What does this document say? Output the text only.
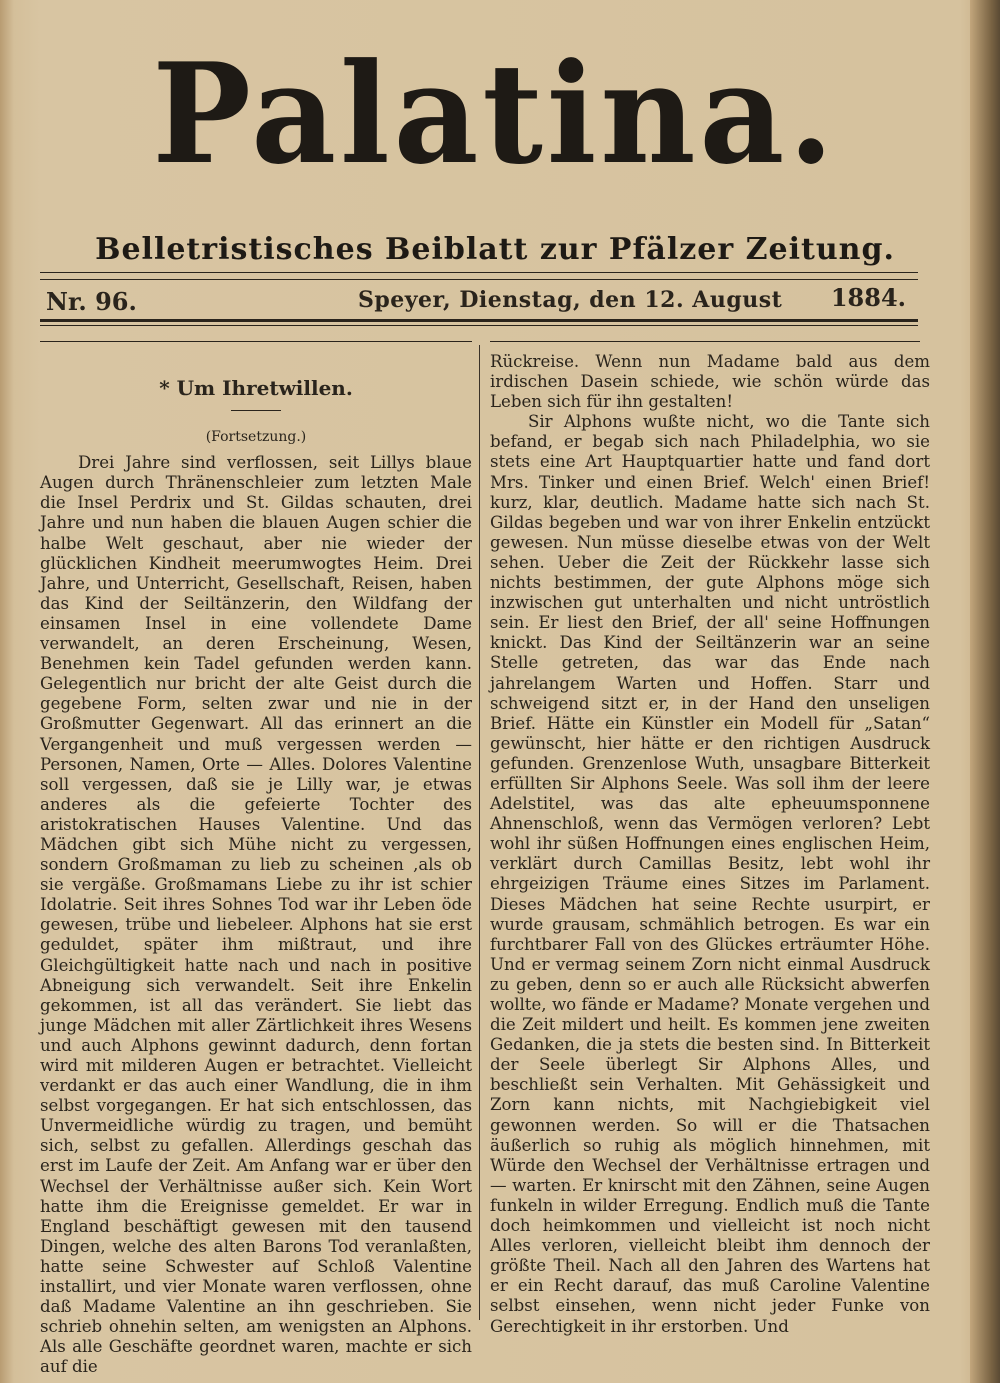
Palatina.
Belletristisches Beiblatt zur Pfälzer Zeitung.
Nr. 96.	Speyer, Dienstag, den 12. August 1884.
* Um Ihretwillen.
(Fortsetzung.)

Drei Jahre sind verflossen, seit Lillys blaue Augen durch Thränenschleier zum letzten Male die Insel Perdrix und St. Gildas schauten, drei Jahre und nun haben die blauen Augen schier die halbe Welt geschaut, aber nie wieder der glücklichen Kindheit meerumwogtes Heim. Drei Jahre, und Unterricht, Gesellschaft, Reisen, haben das Kind der Seiltänzerin, den Wildfang der einsamen Insel in eine vollendete Dame verwandelt, an deren Erscheinung, Wesen, Benehmen kein Tadel gefunden werden kann. Gelegentlich nur bricht der alte Geist durch die gegebene Form, selten zwar und nie in der Großmutter Gegenwart. All das erinnert an die Vergangenheit und muß vergessen werden — Personen, Namen, Orte — Alles. Dolores Valentine soll vergessen, daß sie je Lilly war, je etwas anderes als die gefeierte Tochter des aristokratischen Hauses Valentine. Und das Mädchen gibt sich Mühe nicht zu vergessen, sondern Großmaman zu lieb zu scheinen ,als ob sie vergäße. Großmamans Liebe zu ihr ist schier Idolatrie. Seit ihres Sohnes Tod war ihr Leben öde gewesen, trübe und liebeleer. Alphons hat sie erst geduldet, später ihm mißtraut, und ihre Gleichgültigkeit hatte nach und nach in positive Abneigung sich verwandelt. Seit ihre Enkelin gekommen, ist all das verändert. Sie liebt das junge Mädchen mit aller Zärtlichkeit ihres Wesens und auch Alphons gewinnt dadurch, denn fortan wird mit milderen Augen er betrachtet. Vielleicht verdankt er das auch einer Wandlung, die in ihm selbst vorgegangen. Er hat sich entschlossen, das Unvermeidliche würdig zu tragen, und bemüht sich, selbst zu gefallen. Allerdings geschah das erst im Laufe der Zeit. Am Anfang war er über den Wechsel der Verhältnisse außer sich. Kein Wort hatte ihm die Ereignisse gemeldet. Er war in England beschäftigt gewesen mit den tausend Dingen, welche des alten Barons Tod veranlaßten, hatte seine Schwester auf Schloß Valentine installirt, und vier Monate waren verflossen, ohne daß Madame Valentine an ihn geschrieben. Sie schrieb ohnehin selten, am wenigsten an Alphons. Als alle Geschäfte geordnet waren, machte er sich auf die

Rückreise. Wenn nun Madame bald aus dem irdischen Dasein schiede, wie schön würde das Leben sich für ihn gestalten!

Sir Alphons wußte nicht, wo die Tante sich befand, er begab sich nach Philadelphia, wo sie stets eine Art Hauptquartier hatte und fand dort Mrs. Tinker und einen Brief. Welch' einen Brief! kurz, klar, deutlich. Madame hatte sich nach St. Gildas begeben und war von ihrer Enkelin entzückt gewesen. Nun müsse dieselbe etwas von der Welt sehen. Ueber die Zeit der Rückkehr lasse sich nichts bestimmen, der gute Alphons möge sich inzwischen gut unterhalten und nicht untröstlich sein. Er liest den Brief, der all' seine Hoffnungen knickt. Das Kind der Seiltänzerin war an seine Stelle getreten, das war das Ende nach jahrelangem Warten und Hoffen. Starr und schweigend sitzt er, in der Hand den unseligen Brief. Hätte ein Künstler ein Modell für „Satan“ gewünscht, hier hätte er den richtigen Ausdruck gefunden. Grenzenlose Wuth, unsagbare Bitterkeit erfüllten Sir Alphons Seele. Was soll ihm der leere Adelstitel, was das alte epheuumsponnene Ahnenschloß, wenn das Vermögen verloren? Lebt wohl ihr süßen Hoffnungen eines englischen Heim, verklärt durch Camillas Besitz, lebt wohl ihr ehrgeizigen Träume eines Sitzes im Parlament. Dieses Mädchen hat seine Rechte usurpirt, er wurde grausam, schmählich betrogen. Es war ein furchtbarer Fall von des Glückes erträumter Höhe. Und er vermag seinem Zorn nicht einmal Ausdruck zu geben, denn so er auch alle Rücksicht abwerfen wollte, wo fände er Madame? Monate vergehen und die Zeit mildert und heilt. Es kommen jene zweiten Gedanken, die ja stets die besten sind. In Bitterkeit der Seele überlegt Sir Alphons Alles, und beschließt sein Verhalten. Mit Gehässigkeit und Zorn kann nichts, mit Nachgiebigkeit viel gewonnen werden. So will er die Thatsachen äußerlich so ruhig als möglich hinnehmen, mit Würde den Wechsel der Verhältnisse ertragen und — warten. Er knirscht mit den Zähnen, seine Augen funkeln in wilder Erregung. Endlich muß die Tante doch heimkommen und vielleicht ist noch nicht Alles verloren, vielleicht bleibt ihm dennoch der größte Theil. Nach all den Jahren des Wartens hat er ein Recht darauf, das muß Caroline Valentine selbst einsehen, wenn nicht jeder Funke von Gerechtigkeit in ihr erstorben. Und
